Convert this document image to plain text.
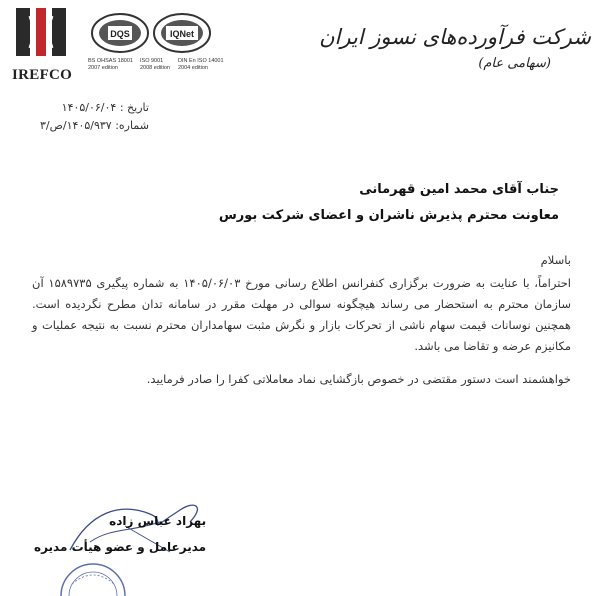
IREFCO
DQS	IQNet
BS OHSAS 18001
2007 edition
ISO 9001
2008 edition
DIN En ISO 14001
2004 edition
شرکت فرآورده‌های نسوز ایران
(سهامی عام)
تاریخ : ۱۴۰۵/۰۶/۰۴
شماره: ۱۴۰۵/۹۳۷/ص/۳
جناب آقای محمد امین قهرمانی
معاونت محترم پذیرش ناشران و اعضای شرکت بورس

باسلام

احتراماً، با عنایت به ضرورت برگزاری کنفرانس اطلاع رسانی مورخ ۱۴۰۵/۰۶/۰۳ به شماره پیگیری ۱۵۸۹۷۳۵ آن سازمان محترم به استحضار می رساند هیچگونه سوالی در مهلت مقرر در سامانه تدان مطرح نگردیده است. همچنین نوسانات قیمت سهام ناشی از تحرکات بازار و نگرش مثبت سهامداران محترم نسبت به نتیجه عملیات و مکانیزم عرضه و تقاضا می باشد.

خواهشمند است دستور مقتضی در خصوص بازگشایی نماد معاملاتی کفرا را صادر فرمایید.

بهراد عباس زاده
مدیرعامل و عضو هیأت مدیره
